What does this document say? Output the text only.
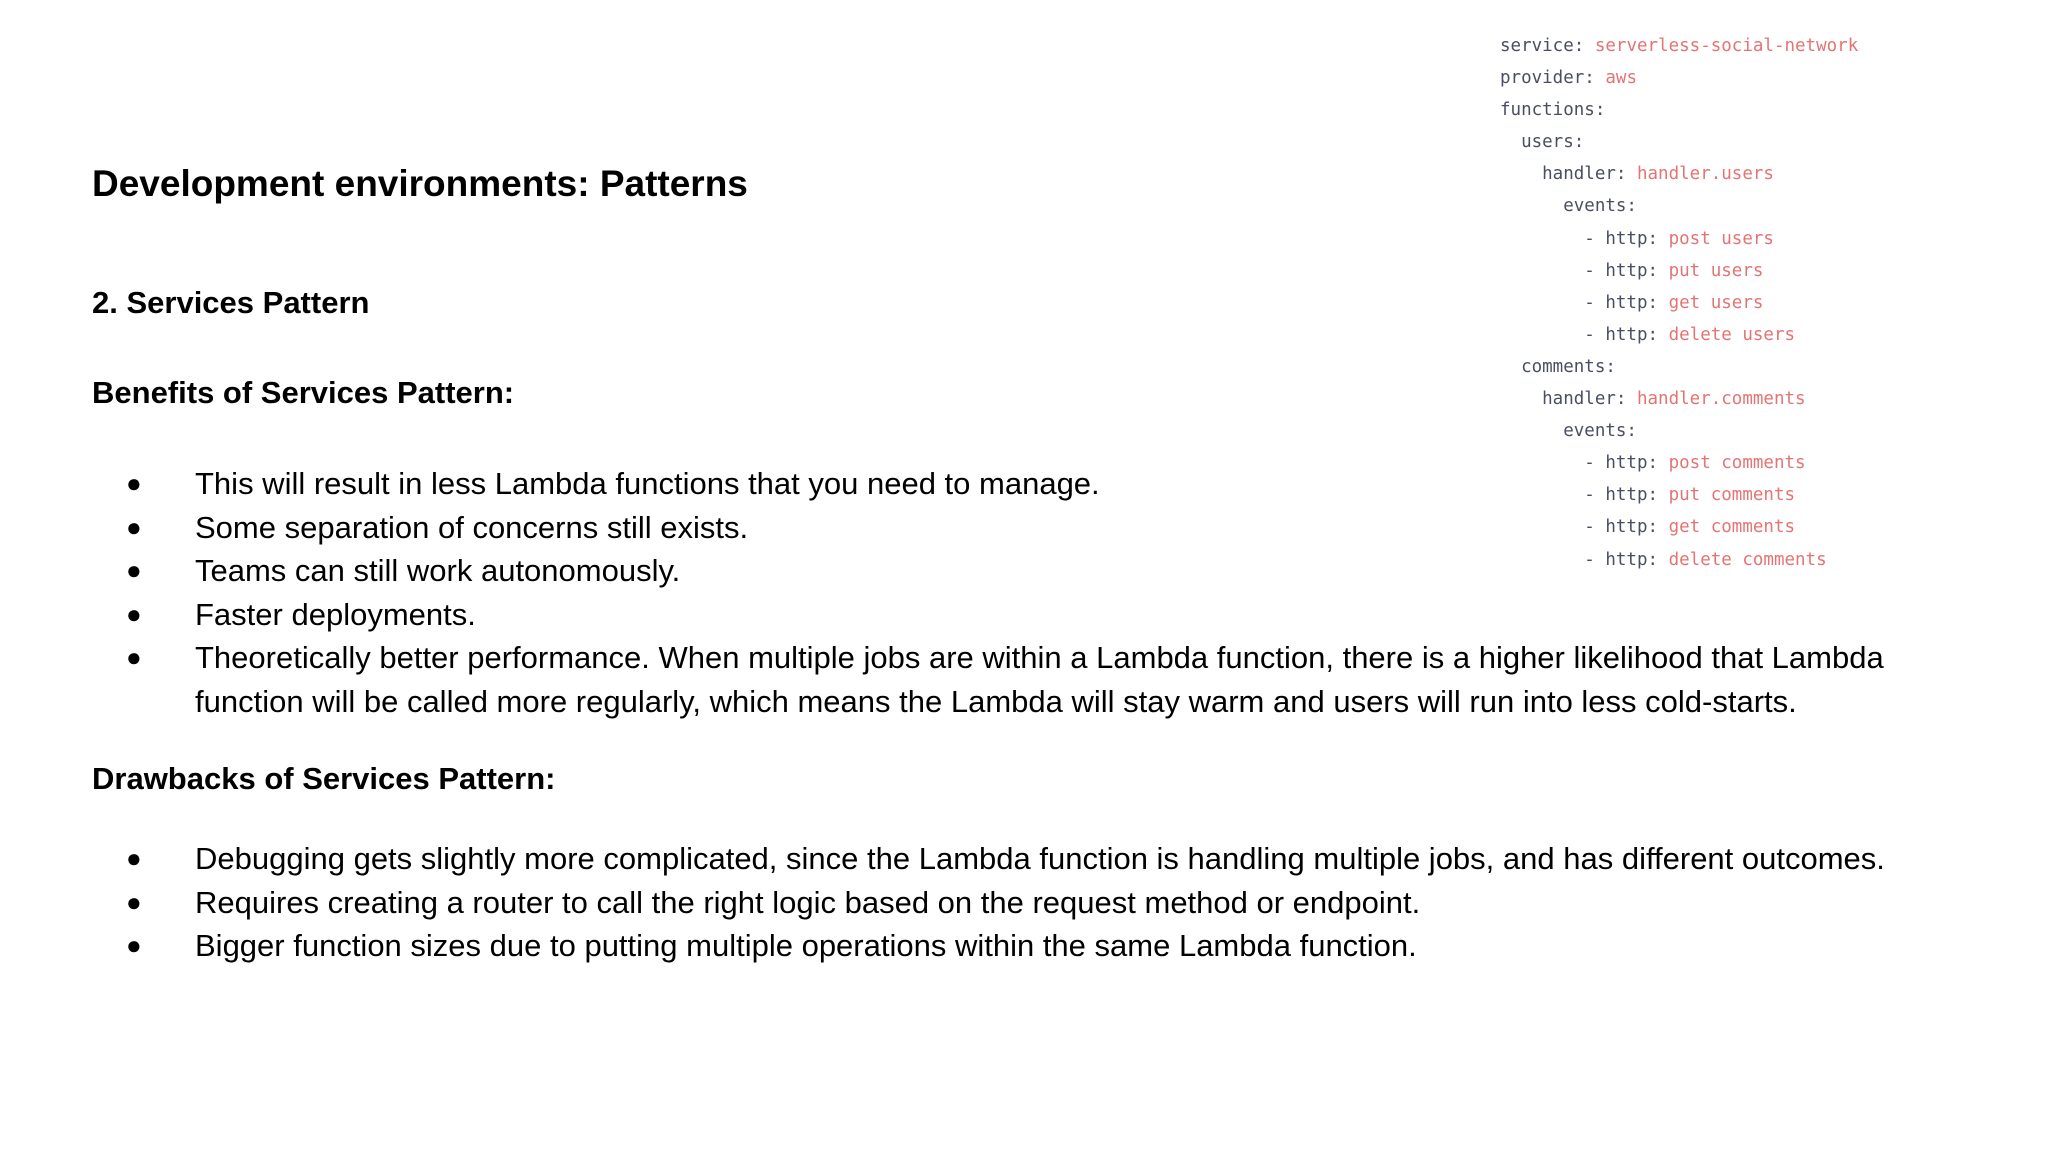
Development environments: Patterns
2. Services Pattern
Benefits of Services Pattern:
● This will result in less Lambda functions that you need to manage.
● Some separation of concerns still exists.
● Teams can still work autonomously.
● Faster deployments.
● Theoretically better performance. When multiple jobs are within a Lambda function, there is a higher likelihood that Lambda function will be called more regularly, which means the Lambda will stay warm and users will run into less cold-starts.
Drawbacks of Services Pattern:
● Debugging gets slightly more complicated, since the Lambda function is handling multiple jobs, and has different outcomes.
● Requires creating a router to call the right logic based on the request method or endpoint.
● Bigger function sizes due to putting multiple operations within the same Lambda function.
service: serverless-social-network
provider: aws
functions:
users:
handler: handler.users
events:
- http: post users
- http: put users
- http: get users
- http: delete users
comments:
handler: handler.comments
events:
- http: post comments
- http: put comments
- http: get comments
- http: delete comments
